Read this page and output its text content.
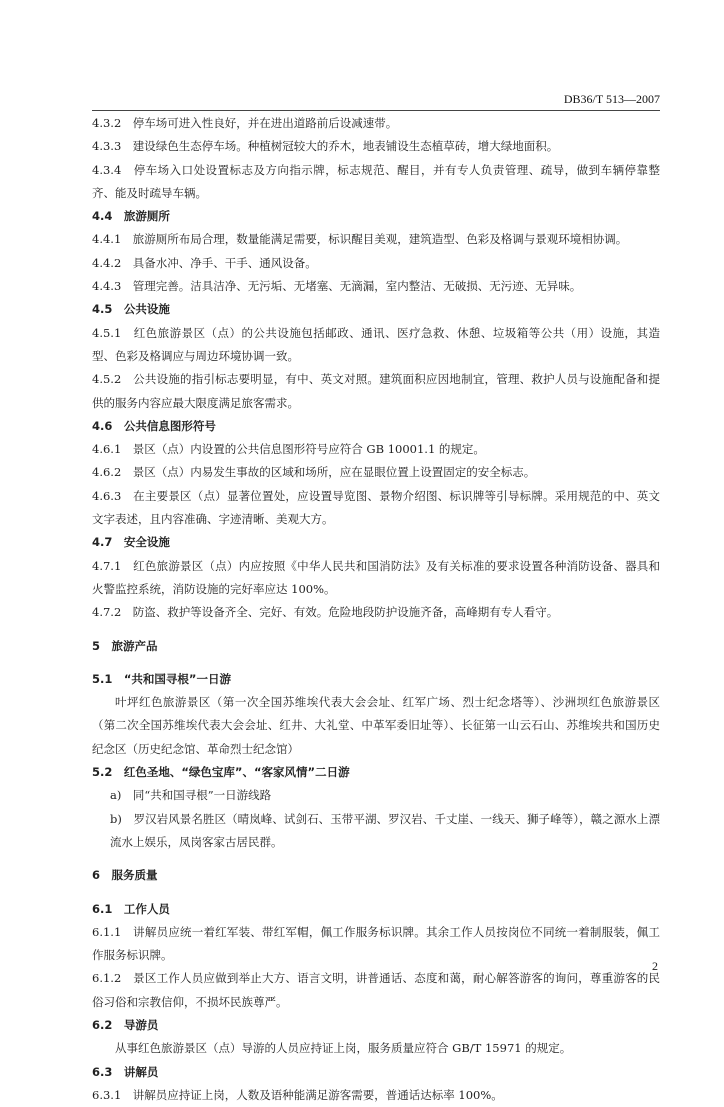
DB36/T 513—2007

4.3.2　停车场可进入性良好，并在进出道路前后设减速带。

4.3.3　建设绿色生态停车场。种植树冠较大的乔木，地表铺设生态植草砖，增大绿地面积。

4.3.4　停车场入口处设置标志及方向指示牌，标志规范、醒目，并有专人负责管理、疏导，做到车辆停靠整齐、能及时疏导车辆。

4.4　旅游厕所

4.4.1　旅游厕所布局合理，数量能满足需要，标识醒目美观，建筑造型、色彩及格调与景观环境相协调。

4.4.2　具备水冲、净手、干手、通风设备。

4.4.3　管理完善。洁具洁净、无污垢、无堵塞、无滴漏，室内整洁、无破损、无污迹、无异味。

4.5　公共设施

4.5.1　红色旅游景区（点）的公共设施包括邮政、通讯、医疗急救、休憩、垃圾箱等公共（用）设施，其造型、色彩及格调应与周边环境协调一致。

4.5.2　公共设施的指引标志要明显，有中、英文对照。建筑面积应因地制宜，管理、救护人员与设施配备和提供的服务内容应最大限度满足旅客需求。

4.6　公共信息图形符号

4.6.1　景区（点）内设置的公共信息图形符号应符合 GB 10001.1 的规定。

4.6.2　景区（点）内易发生事故的区域和场所，应在显眼位置上设置固定的安全标志。

4.6.3　在主要景区（点）显著位置处，应设置导览图、景物介绍图、标识牌等引导标牌。采用规范的中、英文文字表述，且内容准确、字迹清晰、美观大方。

4.7　安全设施

4.7.1　红色旅游景区（点）内应按照《中华人民共和国消防法》及有关标准的要求设置各种消防设备、器具和火警监控系统，消防设施的完好率应达 100%。

4.7.2　防盗、救护等设备齐全、完好、有效。危险地段防护设施齐备，高峰期有专人看守。

5　旅游产品

5.1　“共和国寻根”一日游

叶坪红色旅游景区（第一次全国苏维埃代表大会会址、红军广场、烈士纪念塔等）、沙洲坝红色旅游景区（第二次全国苏维埃代表大会会址、红井、大礼堂、中革军委旧址等）、长征第一山云石山、苏维埃共和国历史纪念区（历史纪念馆、革命烈士纪念馆）

5.2　红色圣地、“绿色宝库”、“客家风情”二日游

a)　同“共和国寻根”一日游线路

b)　罗汉岩风景名胜区（晴岚峰、试剑石、玉带平湖、罗汉岩、千丈崖、一线天、狮子峰等），赣之源水上漂流水上娱乐，凤岗客家古居民群。

6　服务质量

6.1　工作人员

6.1.1　讲解员应统一着红军装、带红军帽，佩工作服务标识牌。其余工作人员按岗位不同统一着制服装，佩工作服务标识牌。

6.1.2　景区工作人员应做到举止大方、语言文明，讲普通话、态度和蔼，耐心解答游客的询问，尊重游客的民俗习俗和宗教信仰，不损坏民族尊严。

6.2　导游员

从事红色旅游景区（点）导游的人员应持证上岗，服务质量应符合 GB/T 15971 的规定。

6.3　讲解员

6.3.1　讲解员应持证上岗，人数及语种能满足游客需要，普通话达标率 100%。

2
